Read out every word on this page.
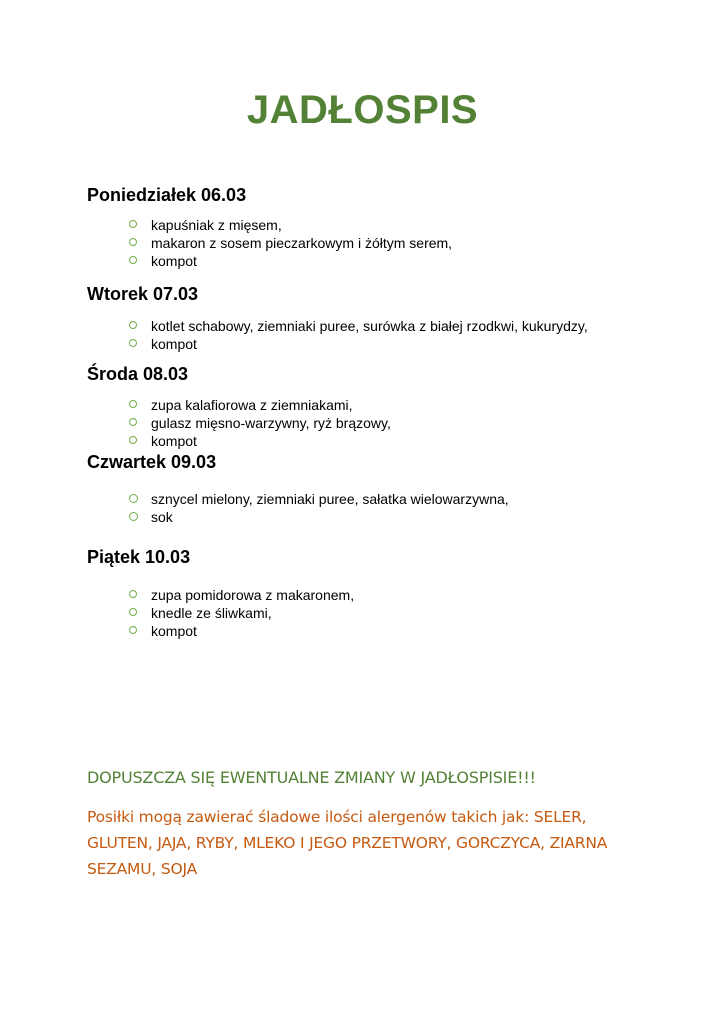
JADŁOSPIS
Poniedziałek 06.03
kapuśniak z mięsem,
makaron z sosem pieczarkowym i żółtym serem,
kompot
Wtorek 07.03
kotlet schabowy, ziemniaki puree, surówka z białej rzodkwi, kukurydzy,
kompot
Środa 08.03
zupa kalafiorowa z ziemniakami,
gulasz mięsno-warzywny, ryż brązowy,
kompot
Czwartek 09.03
sznycel mielony, ziemniaki puree, sałatka wielowarzywna,
sok
Piątek 10.03
zupa pomidorowa z makaronem,
knedle ze śliwkami,
kompot

DOPUSZCZA SIĘ EWENTUALNE ZMIANY W JADŁOSPISIE!!!

Posiłki mogą zawierać śladowe ilości alergenów takich jak: SELER, GLUTEN, JAJA, RYBY, MLEKO I JEGO PRZETWORY, GORCZYCA, ZIARNA SEZAMU, SOJA
